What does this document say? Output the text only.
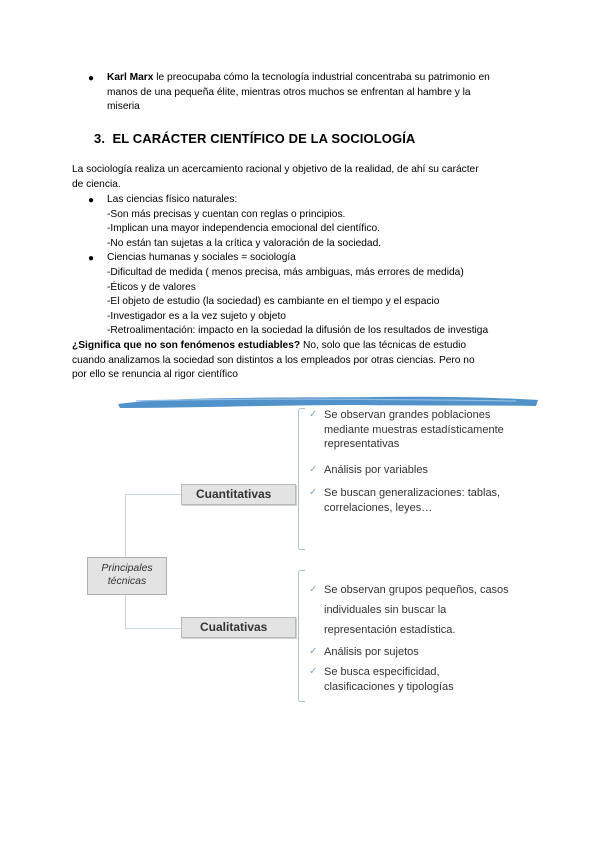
● Karl Marx le preocupaba cómo la tecnología industrial concentraba su patrimonio en
manos de una pequeña élite, mientras otros muchos se enfrentan al hambre y la
miseria
3. EL CARÁCTER CIENTÍFICO DE LA SOCIOLOGÍA
La sociología realiza un acercamiento racional y objetivo de la realidad, de ahí su carácter
de ciencia.
● Las ciencias físico naturales:
-Son más precisas y cuentan con reglas o principios.
-Implican una mayor independencia emocional del científico.
-No están tan sujetas a la crítica y valoración de la sociedad.
● Ciencias humanas y sociales = sociología
-Dificultad de medida ( menos precisa, más ambiguas, más errores de medida)
-Éticos y de valores
-El objeto de estudio (la sociedad) es cambiante en el tiempo y el espacio
-Investigador es a la vez sujeto y objeto
-Retroalimentación: impacto en la sociedad la difusión de los resultados de investiga
¿Significa que no son fenómenos estudiables? No, solo que las técnicas de estudio
cuando analizamos la sociedad son distintos a los empleados por otras ciencias. Pero no
por ello se renuncia al rigor científico
Principales
técnicas
Cuantitativas
Cualitativas
✓ Se observan grandes poblaciones
mediante muestras estadísticamente
representativas
✓ Análisis por variables
✓ Se buscan generalizaciones: tablas,
correlaciones, leyes…
✓ Se observan grupos pequeños, casos
individuales sin buscar la
representación estadística.
✓ Análisis por sujetos
✓ Se busca especificidad,
clasificaciones y tipologías
